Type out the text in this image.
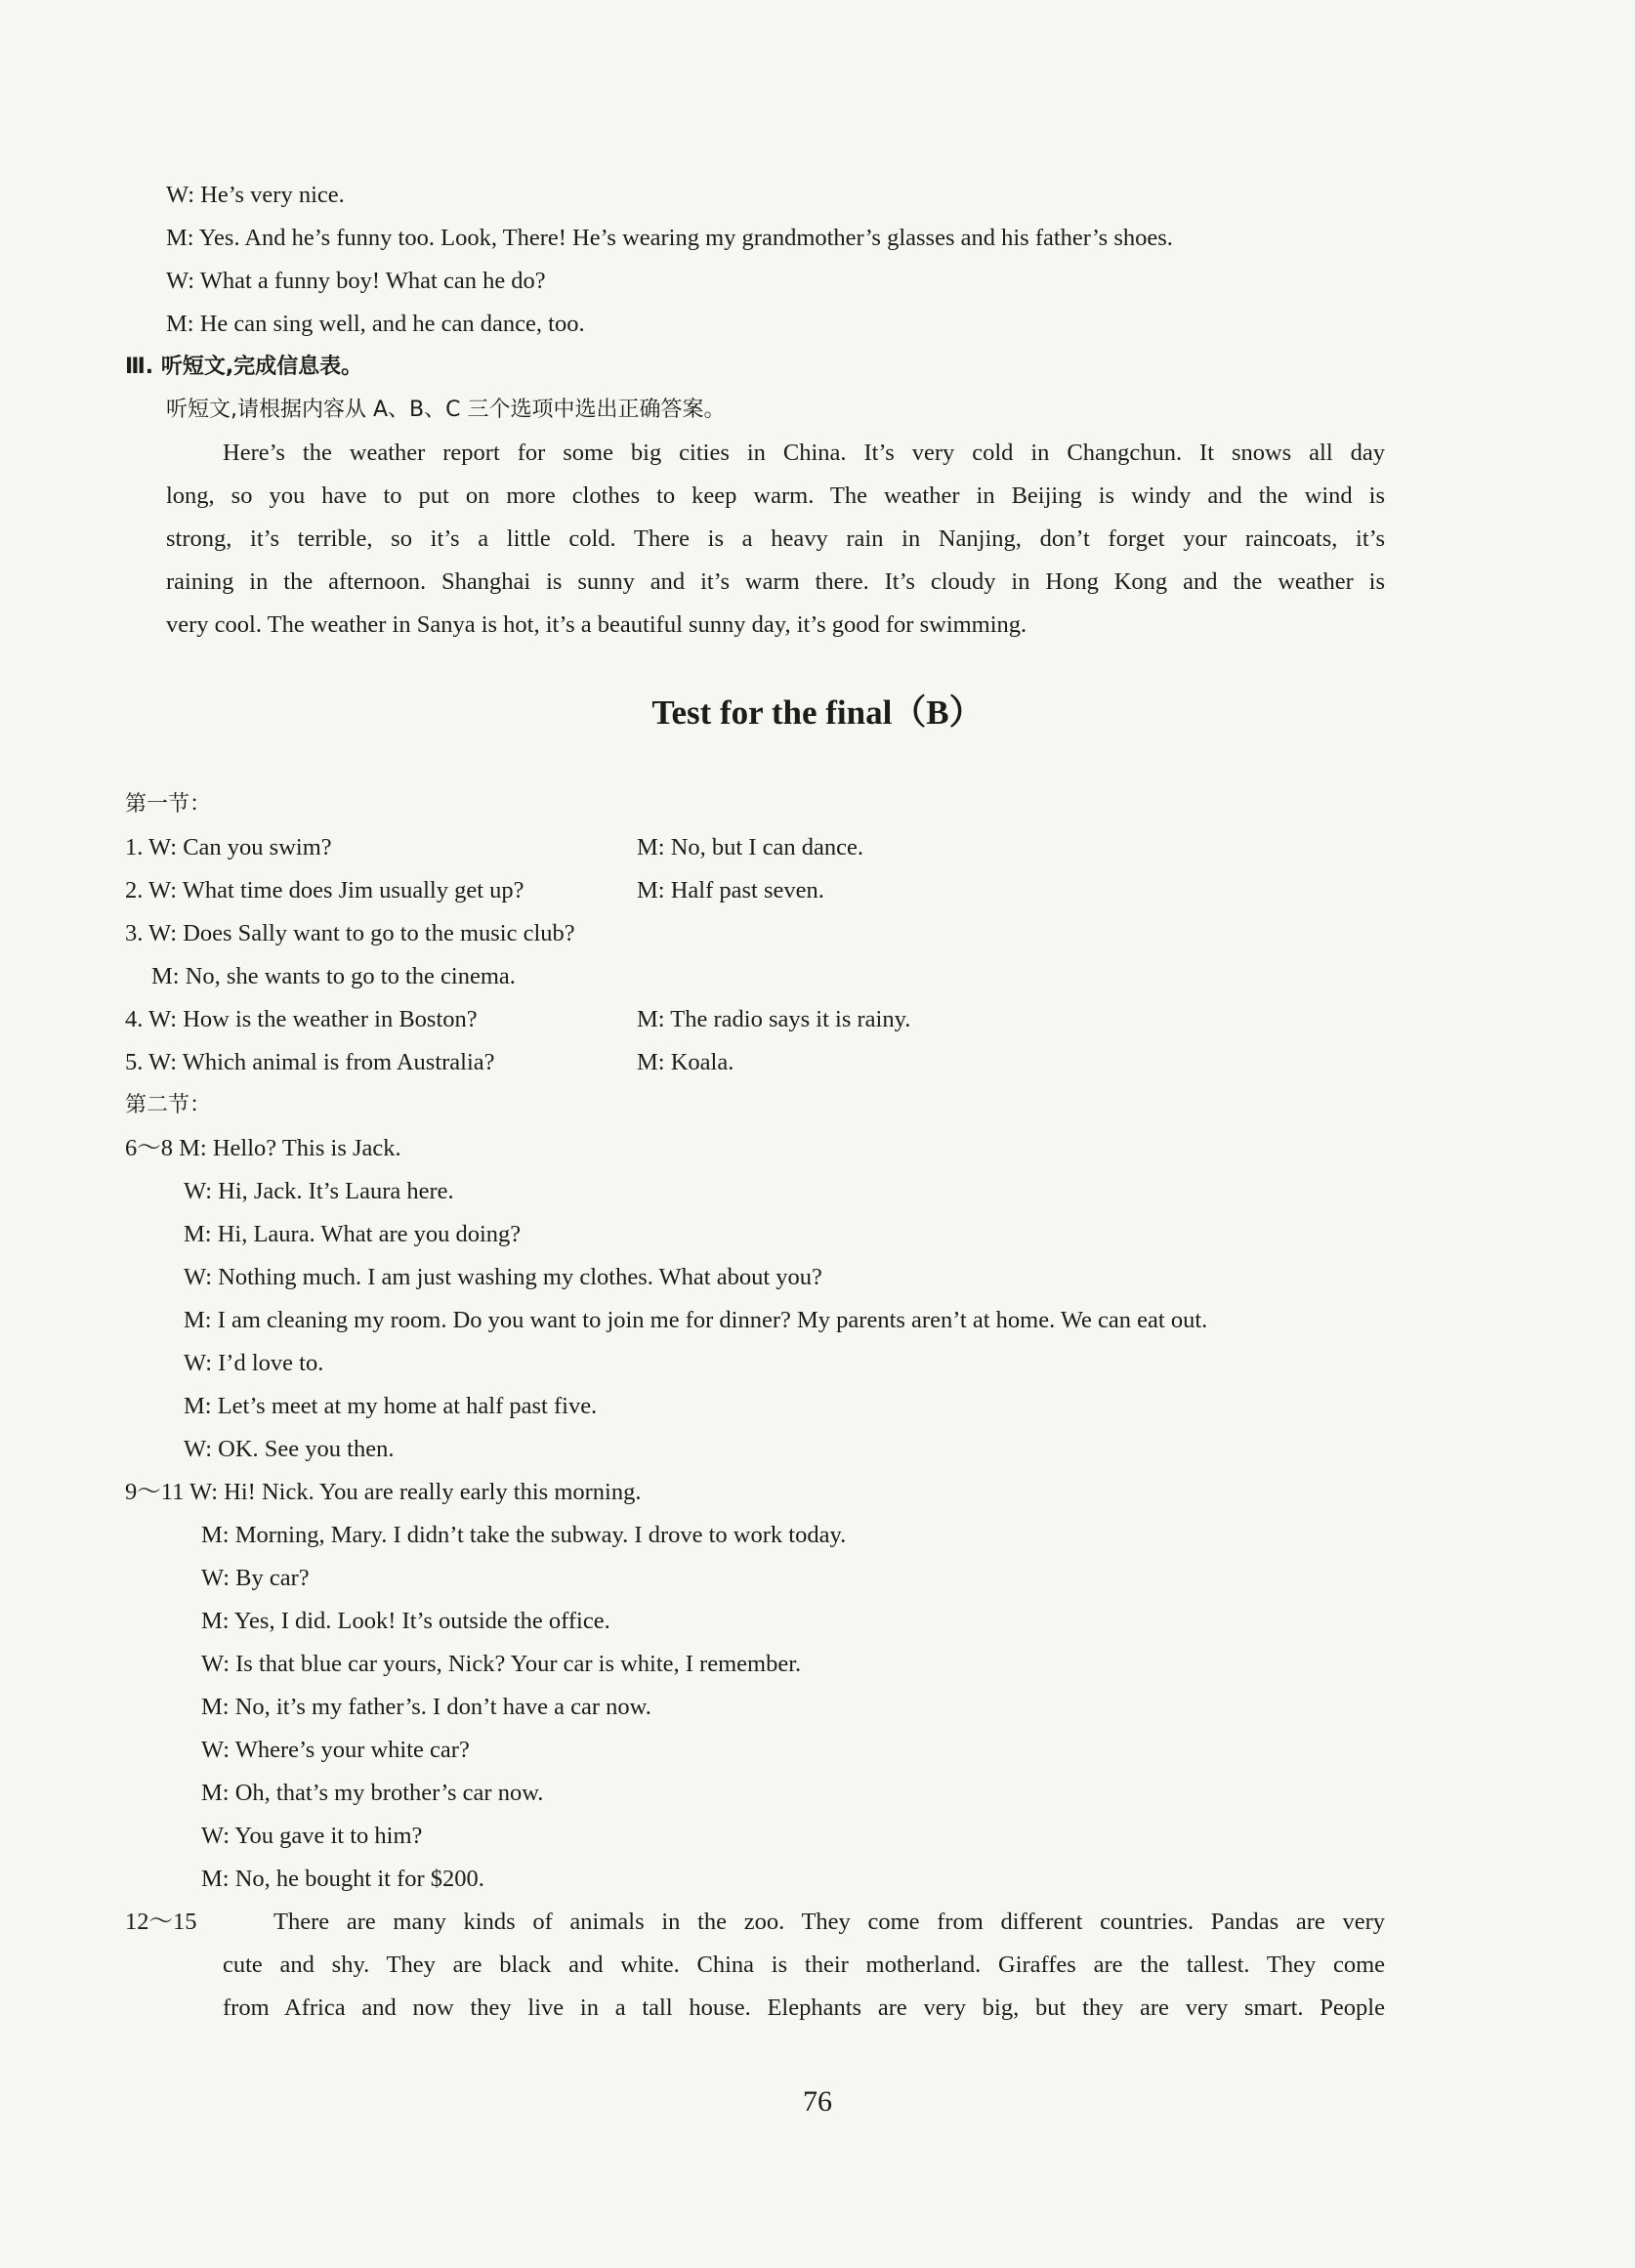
W: He’s very nice.
M: Yes. And he’s funny too. Look, There! He’s wearing my grandmother’s glasses and his father’s shoes.
W: What a funny boy! What can he do?
M: He can sing well, and he can dance, too.
Ⅲ. 听短文,完成信息表。
听短文,请根据内容从 A、B、C 三个选项中选出正确答案。
Here’s the weather report for some big cities in China. It’s very cold in Changchun. It snows all day
long, so you have to put on more clothes to keep warm. The weather in Beijing is windy and the wind is
strong, it’s terrible, so it’s a little cold. There is a heavy rain in Nanjing, don’t forget your raincoats, it’s
raining in the afternoon. Shanghai is sunny and it’s warm there. It’s cloudy in Hong Kong and the weather is
very cool. The weather in Sanya is hot, it’s a beautiful sunny day, it’s good for swimming.
Test for the final（B）
第一节：
1. W: Can you swim?	M: No, but I can dance.
2. W: What time does Jim usually get up?	M: Half past seven.
3. W: Does Sally want to go to the music club?
M: No, she wants to go to the cinema.
4. W: How is the weather in Boston?	M: The radio says it is rainy.
5. W: Which animal is from Australia?	M: Koala.
第二节：
6～8 M: Hello? This is Jack.
W: Hi, Jack. It’s Laura here.
M: Hi, Laura. What are you doing?
W: Nothing much. I am just washing my clothes. What about you?
M: I am cleaning my room. Do you want to join me for dinner? My parents aren’t at home. We can eat out.
W: I’d love to.
M: Let’s meet at my home at half past five.
W: OK. See you then.
9～11 W: Hi! Nick. You are really early this morning.
M: Morning, Mary. I didn’t take the subway. I drove to work today.
W: By car?
M: Yes, I did. Look! It’s outside the office.
W: Is that blue car yours, Nick? Your car is white, I remember.
M: No, it’s my father’s. I don’t have a car now.
W: Where’s your white car?
M: Oh, that’s my brother’s car now.
W: You gave it to him?
M: No, he bought it for $200.
12～15	There are many kinds of animals in the zoo. They come from different countries. Pandas are very
cute and shy. They are black and white. China is their motherland. Giraffes are the tallest. They come
from Africa and now they live in a tall house. Elephants are very big, but they are very smart. People
76
